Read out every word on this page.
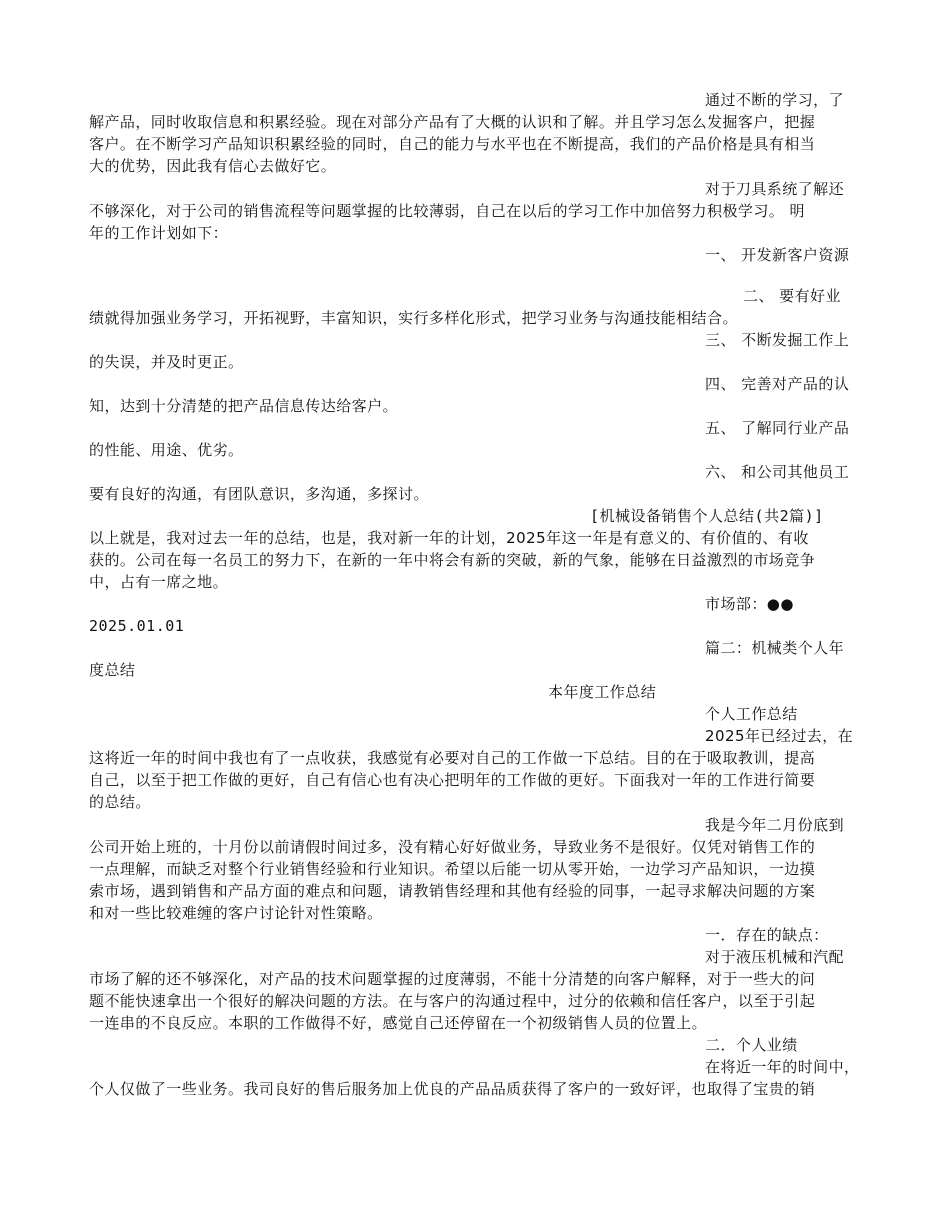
通过不断的学习，了
解产品，同时收取信息和积累经验。现在对部分产品有了大概的认识和了解。并且学习怎么发掘客户，把握
客户。在不断学习产品知识积累经验的同时，自己的能力与水平也在不断提高，我们的产品价格是具有相当
大的优势，因此我有信心去做好它。
对于刀具系统了解还
不够深化，对于公司的销售流程等问题掌握的比较薄弱，自己在以后的学习工作中加倍努力积极学习。 明
年的工作计划如下：
一、 开发新客户资源
二、 要有好业
绩就得加强业务学习，开拓视野，丰富知识，实行多样化形式，把学习业务与沟通技能相结合。
三、 不断发掘工作上
的失误，并及时更正。
四、 完善对产品的认
知，达到十分清楚的把产品信息传达给客户。
五、 了解同行业产品
的性能、用途、优劣。
六、 和公司其他员工
要有良好的沟通，有团队意识，多沟通，多探讨。
[机械设备销售个人总结(共2篇)]
以上就是，我对过去一年的总结，也是，我对新一年的计划，2025年这一年是有意义的、有价值的、有收
获的。公司在每一名员工的努力下，在新的一年中将会有新的突破，新的气象，能够在日益激烈的市场竞争
中，占有一席之地。
市场部：●●
2025.01.01
篇二：机械类个人年
度总结
本年度工作总结
个人工作总结
2025年已经过去，在
这将近一年的时间中我也有了一点收获，我感觉有必要对自己的工作做一下总结。目的在于吸取教训，提高
自己，以至于把工作做的更好，自己有信心也有决心把明年的工作做的更好。下面我对一年的工作进行简要
的总结。
我是今年二月份底到
公司开始上班的，十月份以前请假时间过多，没有精心好好做业务，导致业务不是很好。仅凭对销售工作的
一点理解，而缺乏对整个行业销售经验和行业知识。希望以后能一切从零开始，一边学习产品知识，一边摸
索市场，遇到销售和产品方面的难点和问题，请教销售经理和其他有经验的同事，一起寻求解决问题的方案
和对一些比较难缠的客户讨论针对性策略。
一．存在的缺点：
对于液压机械和汽配
市场了解的还不够深化，对产品的技术问题掌握的过度薄弱，不能十分清楚的向客户解释，对于一些大的问
题不能快速拿出一个很好的解决问题的方法。在与客户的沟通过程中，过分的依赖和信任客户，以至于引起
一连串的不良反应。本职的工作做得不好，感觉自己还停留在一个初级销售人员的位置上。
二．个人业绩
在将近一年的时间中，
个人仅做了一些业务。我司良好的售后服务加上优良的产品品质获得了客户的一致好评，也取得了宝贵的销
